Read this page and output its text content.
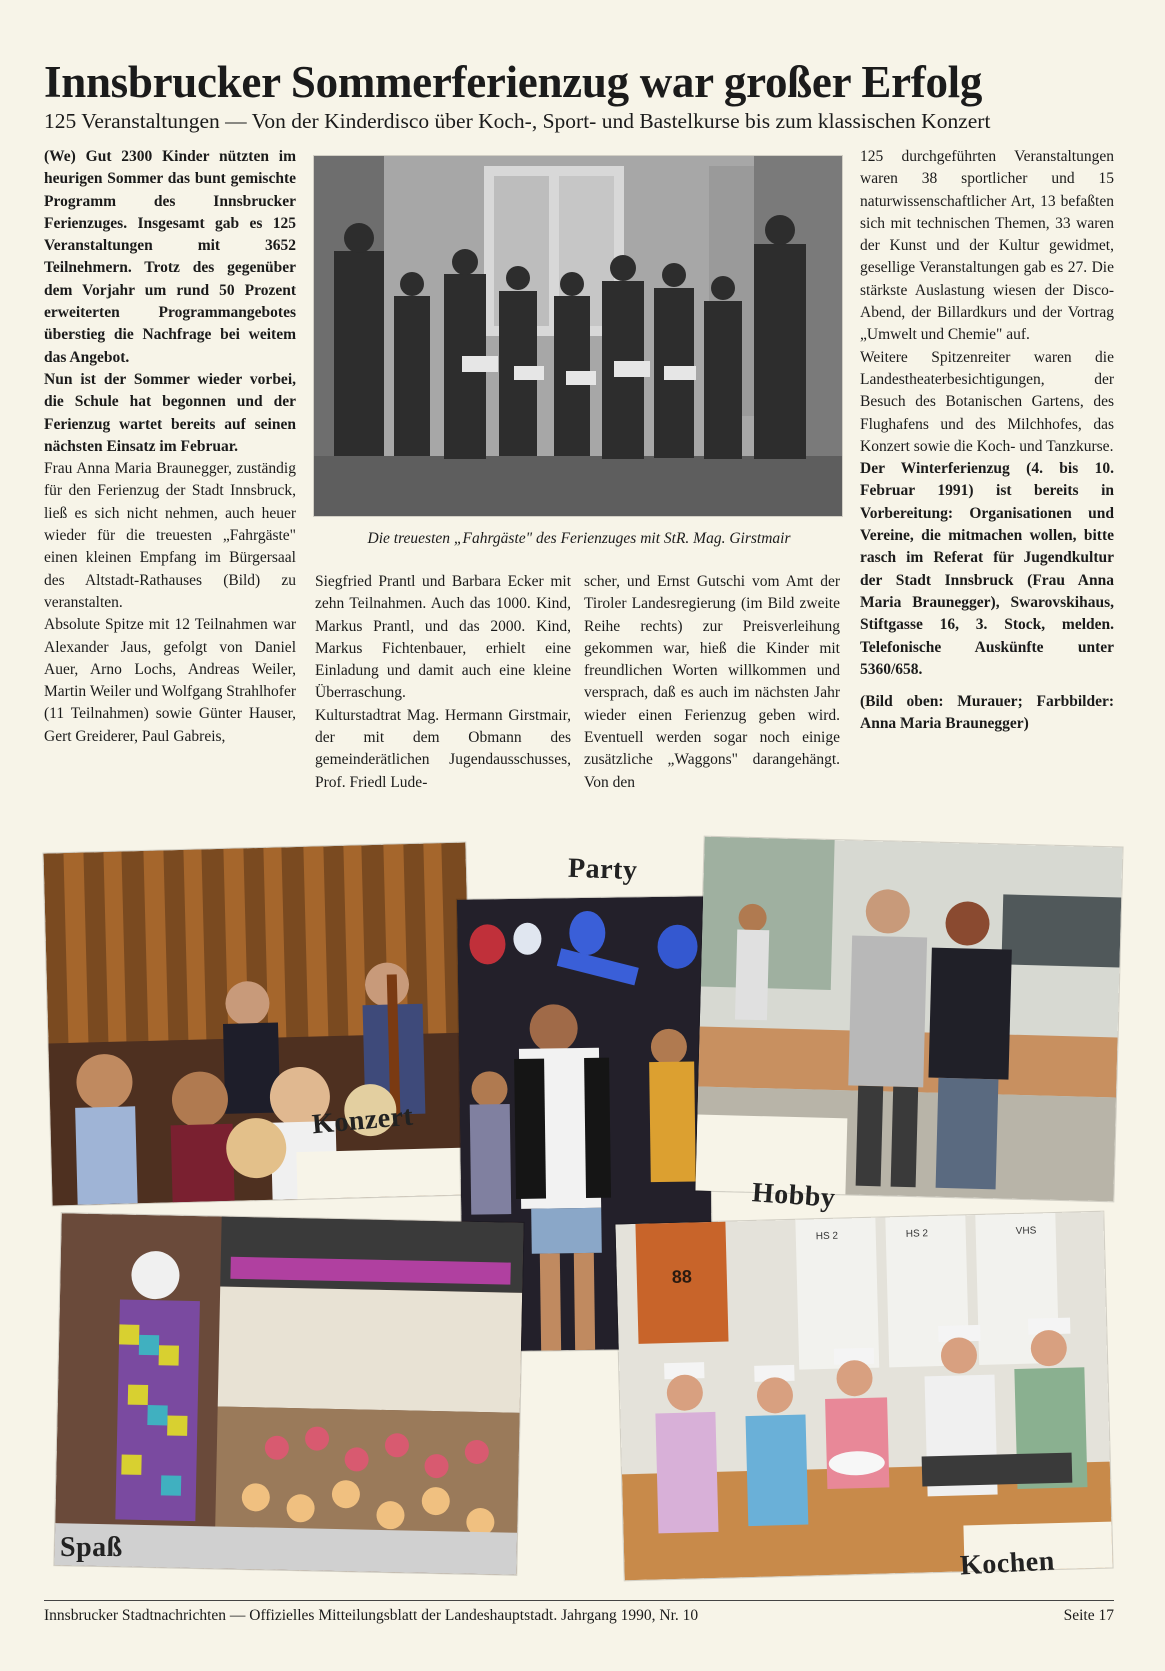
Innsbrucker Sommerferienzug war großer Erfolg
125 Veranstaltungen — Von der Kinderdisco über Koch-, Sport- und Bastelkurse bis zum klassischen Konzert

(We) Gut 2300 Kinder nützten im heurigen Sommer das bunt gemischte Programm des Innsbrucker Ferienzuges. Insgesamt gab es 125 Veranstaltungen mit 3652 Teilnehmern. Trotz des gegenüber dem Vorjahr um rund 50 Prozent erweiterten Programmangebotes überstieg die Nachfrage bei weitem das Angebot.

Nun ist der Sommer wieder vorbei, die Schule hat begonnen und der Ferienzug wartet bereits auf seinen nächsten Einsatz im Februar.

Frau Anna Maria Braunegger, zuständig für den Ferienzug der Stadt Innsbruck, ließ es sich nicht nehmen, auch heuer wieder für die treuesten „Fahrgäste" einen kleinen Empfang im Bürgersaal des Altstadt-Rathauses (Bild) zu veranstalten.

Absolute Spitze mit 12 Teilnahmen war Alexander Jaus, gefolgt von Daniel Auer, Arno Lochs, Andreas Weiler, Martin Weiler und Wolfgang Strahlhofer (11 Teilnahmen) sowie Günter Hauser, Gert Greiderer, Paul Gabreis,

Die treuesten „Fahrgäste" des Ferienzuges mit StR. Mag. Girstmair

Siegfried Prantl und Barbara Ecker mit zehn Teilnahmen. Auch das 1000. Kind, Markus Prantl, und das 2000. Kind, Markus Fichtenbauer, erhielt eine Einladung und damit auch eine kleine Überraschung.

Kulturstadtrat Mag. Hermann Girstmair, der mit dem Obmann des gemeinderätlichen Jugendausschusses, Prof. Friedl Lude-

scher, und Ernst Gutschi vom Amt der Tiroler Landesregierung (im Bild zweite Reihe rechts) zur Preisverleihung gekommen war, hieß die Kinder mit freundlichen Worten willkommen und versprach, daß es auch im nächsten Jahr wieder einen Ferienzug geben wird. Eventuell werden sogar noch einige zusätzliche „Waggons" darangehängt. Von den

125 durchgeführten Veranstaltungen waren 38 sportlicher und 15 naturwissenschaftlicher Art, 13 befaßten sich mit technischen Themen, 33 waren der Kunst und der Kultur gewidmet, gesellige Veranstaltungen gab es 27. Die stärkste Auslastung wiesen der Disco-Abend, der Billardkurs und der Vortrag „Umwelt und Chemie" auf.

Weitere Spitzenreiter waren die Landestheaterbesichtigungen, der Besuch des Botanischen Gartens, des Flughafens und des Milchhofes, das Konzert sowie die Koch- und Tanzkurse.

Der Winterferienzug (4. bis 10. Februar 1991) ist bereits in Vorbereitung: Organisationen und Vereine, die mitmachen wollen, bitte rasch im Referat für Jugendkultur der Stadt Innsbruck (Frau Anna Maria Braunegger), Swarovskihaus, Stiftgasse 16, 3. Stock, melden. Telefonische Auskünfte unter 5360/658.

(Bild oben: Murauer; Farbbilder: Anna Maria Braunegger)

Konzert
Party
Hobby
Spaß
88
HS 2	HS 2	VHS
Kochen
Innsbrucker Stadtnachrichten — Offizielles Mitteilungsblatt der Landeshauptstadt. Jahrgang 1990, Nr. 10	Seite 17
